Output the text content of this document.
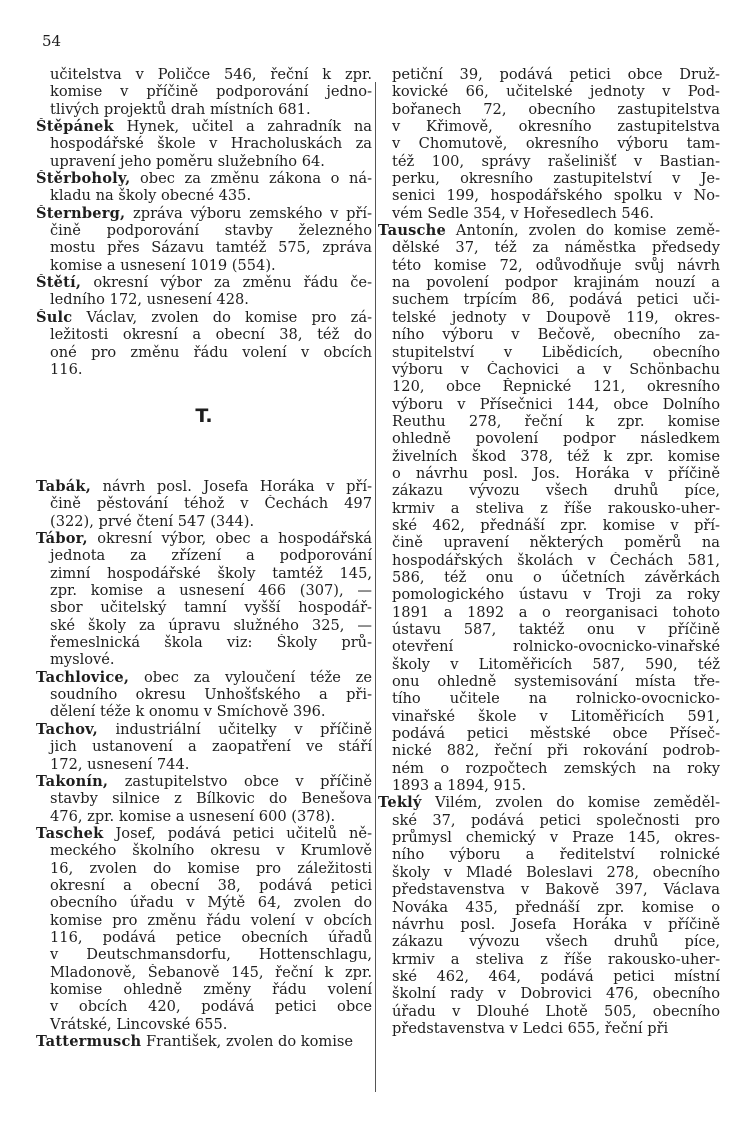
54
učitelstva v Poličce 546, řeční k zpr.
komise v příčině podporování jedno-
tlivých projektů drah místních 681.
Štěpánek Hynek, učitel a zahradník na
hospodářské škole v Hracholuskách za
upravení jeho poměru služebního 64.
Štěrboholy, obec za změnu zákona o ná-
kladu na školy obecné 435.
Šternberg, zpráva výboru zemského v pří-
čině podporování stavby železného
mostu přes Sázavu tamtéž 575, zpráva
komise a usnesení 1019 (554).
Štětí, okresní výbor za změnu řádu če-
ledního 172, usnesení 428.
Šulc Václav, zvolen do komise pro zá-
ležitosti okresní a obecní 38, též do
oné pro změnu řádu volení v obcích
116.
T.
Tabák, návrh posl. Josefa Horáka v pří-
čině pěstování téhož v Čechách 497
(322), prvé čtení 547 (344).
Tábor, okresní výbor, obec a hospodářská
jednota za zřízení a podporování
zimní hospodářské školy tamtéž 145,
zpr. komise a usnesení 466 (307), —
sbor učitelský tamní vyšší hospodář-
ské školy za úpravu služného 325, —
řemeslnická škola viz: Školy prů-
myslové.
Tachlovice, obec za vyloučení téže ze
soudního okresu Unhošťského a při-
dělení téže k onomu v Smíchově 396.
Tachov, industriální učitelky v příčině
jich ustanovení a zaopatření ve stáří
172, usnesení 744.
Takonín, zastupitelstvo obce v příčině
stavby silnice z Bílkovic do Benešova
476, zpr. komise a usnesení 600 (378).
Taschek Josef, podává petici učitelů ně-
meckého školního okresu v Krumlově
16, zvolen do komise pro záležitosti
okresní a obecní 38, podává petici
obecního úřadu v Mýtě 64, zvolen do
komise pro změnu řádu volení v obcích
116, podává petice obecních úřadů
v Deutschmansdorfu, Hottenschlagu,
Mladonově, Šebanově 145, řeční k zpr.
komise ohledně změny řádu volení
v obcích 420, podává petici obce
Vrátské, Lincovské 655.
Tattermusch František, zvolen do komise
petiční 39, podává petici obce Druž-
kovické 66, učitelské jednoty v Pod-
bořanech 72, obecního zastupitelstva
v Křimově, okresního zastupitelstva
v Chomutově, okresního výboru tam-
též 100, správy rašelinišť v Bastian-
perku, okresního zastupitelství v Je-
senici 199, hospodářského spolku v No-
vém Sedle 354, v Hořesedlech 546.
Tausche Antonín, zvolen do komise země-
dělské 37, též za náměstka předsedy
této komise 72, odůvodňuje svůj návrh
na povolení podpor krajinám nouzí a
suchem trpícím 86, podává petici uči-
telské jednoty v Doupově 119, okres-
ního výboru v Bečově, obecního za-
stupitelství v Libědicích, obecního
výboru v Čachovici a v Schönbachu
120, obce Řepnické 121, okresního
výboru v Přísečnici 144, obce Dolního
Reuthu 278, řeční k zpr. komise
ohledně povolení podpor následkem
živelních škod 378, též k zpr. komise
o návrhu posl. Jos. Horáka v příčině
zákazu vývozu všech druhů píce,
krmiv a steliva z říše rakousko-uher-
ské 462, přednáší zpr. komise v pří-
čině upravení některých poměrů na
hospodářských školách v Čechách 581,
586, též onu o účetních závěrkách
pomologického ústavu v Troji za roky
1891 a 1892 a o reorganisaci tohoto
ústavu 587, taktéž onu v příčině
otevření rolnicko-ovocnicko-vinařské
školy v Litoměřicích 587, 590, též
onu ohledně systemisování místa tře-
tího učitele na rolnicko-ovocnicko-
vinařské škole v Litoměřicích 591,
podává petici městské obce Přísеč-
nické 882, řeční při rokování podrob-
ném o rozpočtech zemských na roky
1893 a 1894, 915.
Teklý Vilém, zvolen do komise zeměděl-
ské 37, podává petici společnosti pro
průmysl chemický v Praze 145, okres-
ního výboru a ředitelství rolnické
školy v Mladé Boleslavi 278, obecního
představenstva v Bakově 397, Václava
Nováka 435, přednáší zpr. komise o
návrhu posl. Josefa Horáka v příčině
zákazu vývozu všech druhů píce,
krmiv a steliva z říše rakousko-uher-
ské 462, 464, podává petici místní
školní rady v Dobrovici 476, obecního
úřadu v Dlouhé Lhotě 505, obecního
představenstva v Ledci 655, řeční při
